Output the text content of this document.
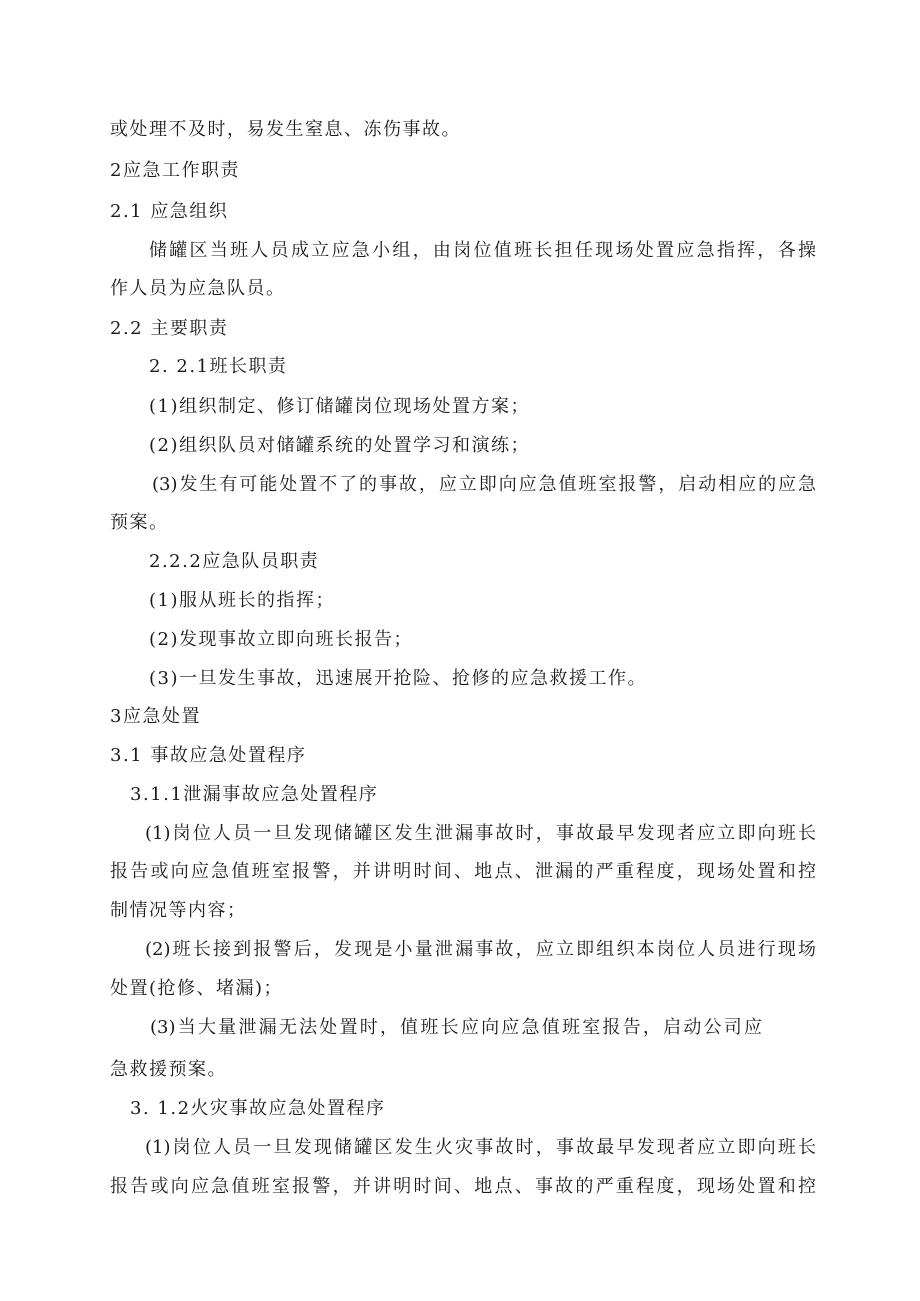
或处理不及时，易发生窒息、冻伤事故。
2应急工作职责
2.1 应急组织
储罐区当班人员成立应急小组，由岗位值班长担任现场处置应急指挥，各操
作人员为应急队员。
2.2 主要职责
2. 2.1班长职责
(1)组织制定、修订储罐岗位现场处置方案；
(2)组织队员对储罐系统的处置学习和演练；
(3)发生有可能处置不了的事故，应立即向应急值班室报警，启动相应的应急
预案。
2.2.2应急队员职责
(1)服从班长的指挥；
(2)发现事故立即向班长报告；
(3)一旦发生事故，迅速展开抢险、抢修的应急救援工作。
3应急处置
3.1 事故应急处置程序
3.1.1泄漏事故应急处置程序
(1)岗位人员一旦发现储罐区发生泄漏事故时，事故最早发现者应立即向班长
报告或向应急值班室报警，并讲明时间、地点、泄漏的严重程度，现场处置和控
制情况等内容；
(2)班长接到报警后，发现是小量泄漏事故，应立即组织本岗位人员进行现场
处置(抢修、堵漏)；
(3)当大量泄漏无法处置时，值班长应向应急值班室报告，启动公司应
急救援预案。
3. 1.2火灾事故应急处置程序
(1)岗位人员一旦发现储罐区发生火灾事故时，事故最早发现者应立即向班长
报告或向应急值班室报警，并讲明时间、地点、事故的严重程度，现场处置和控
